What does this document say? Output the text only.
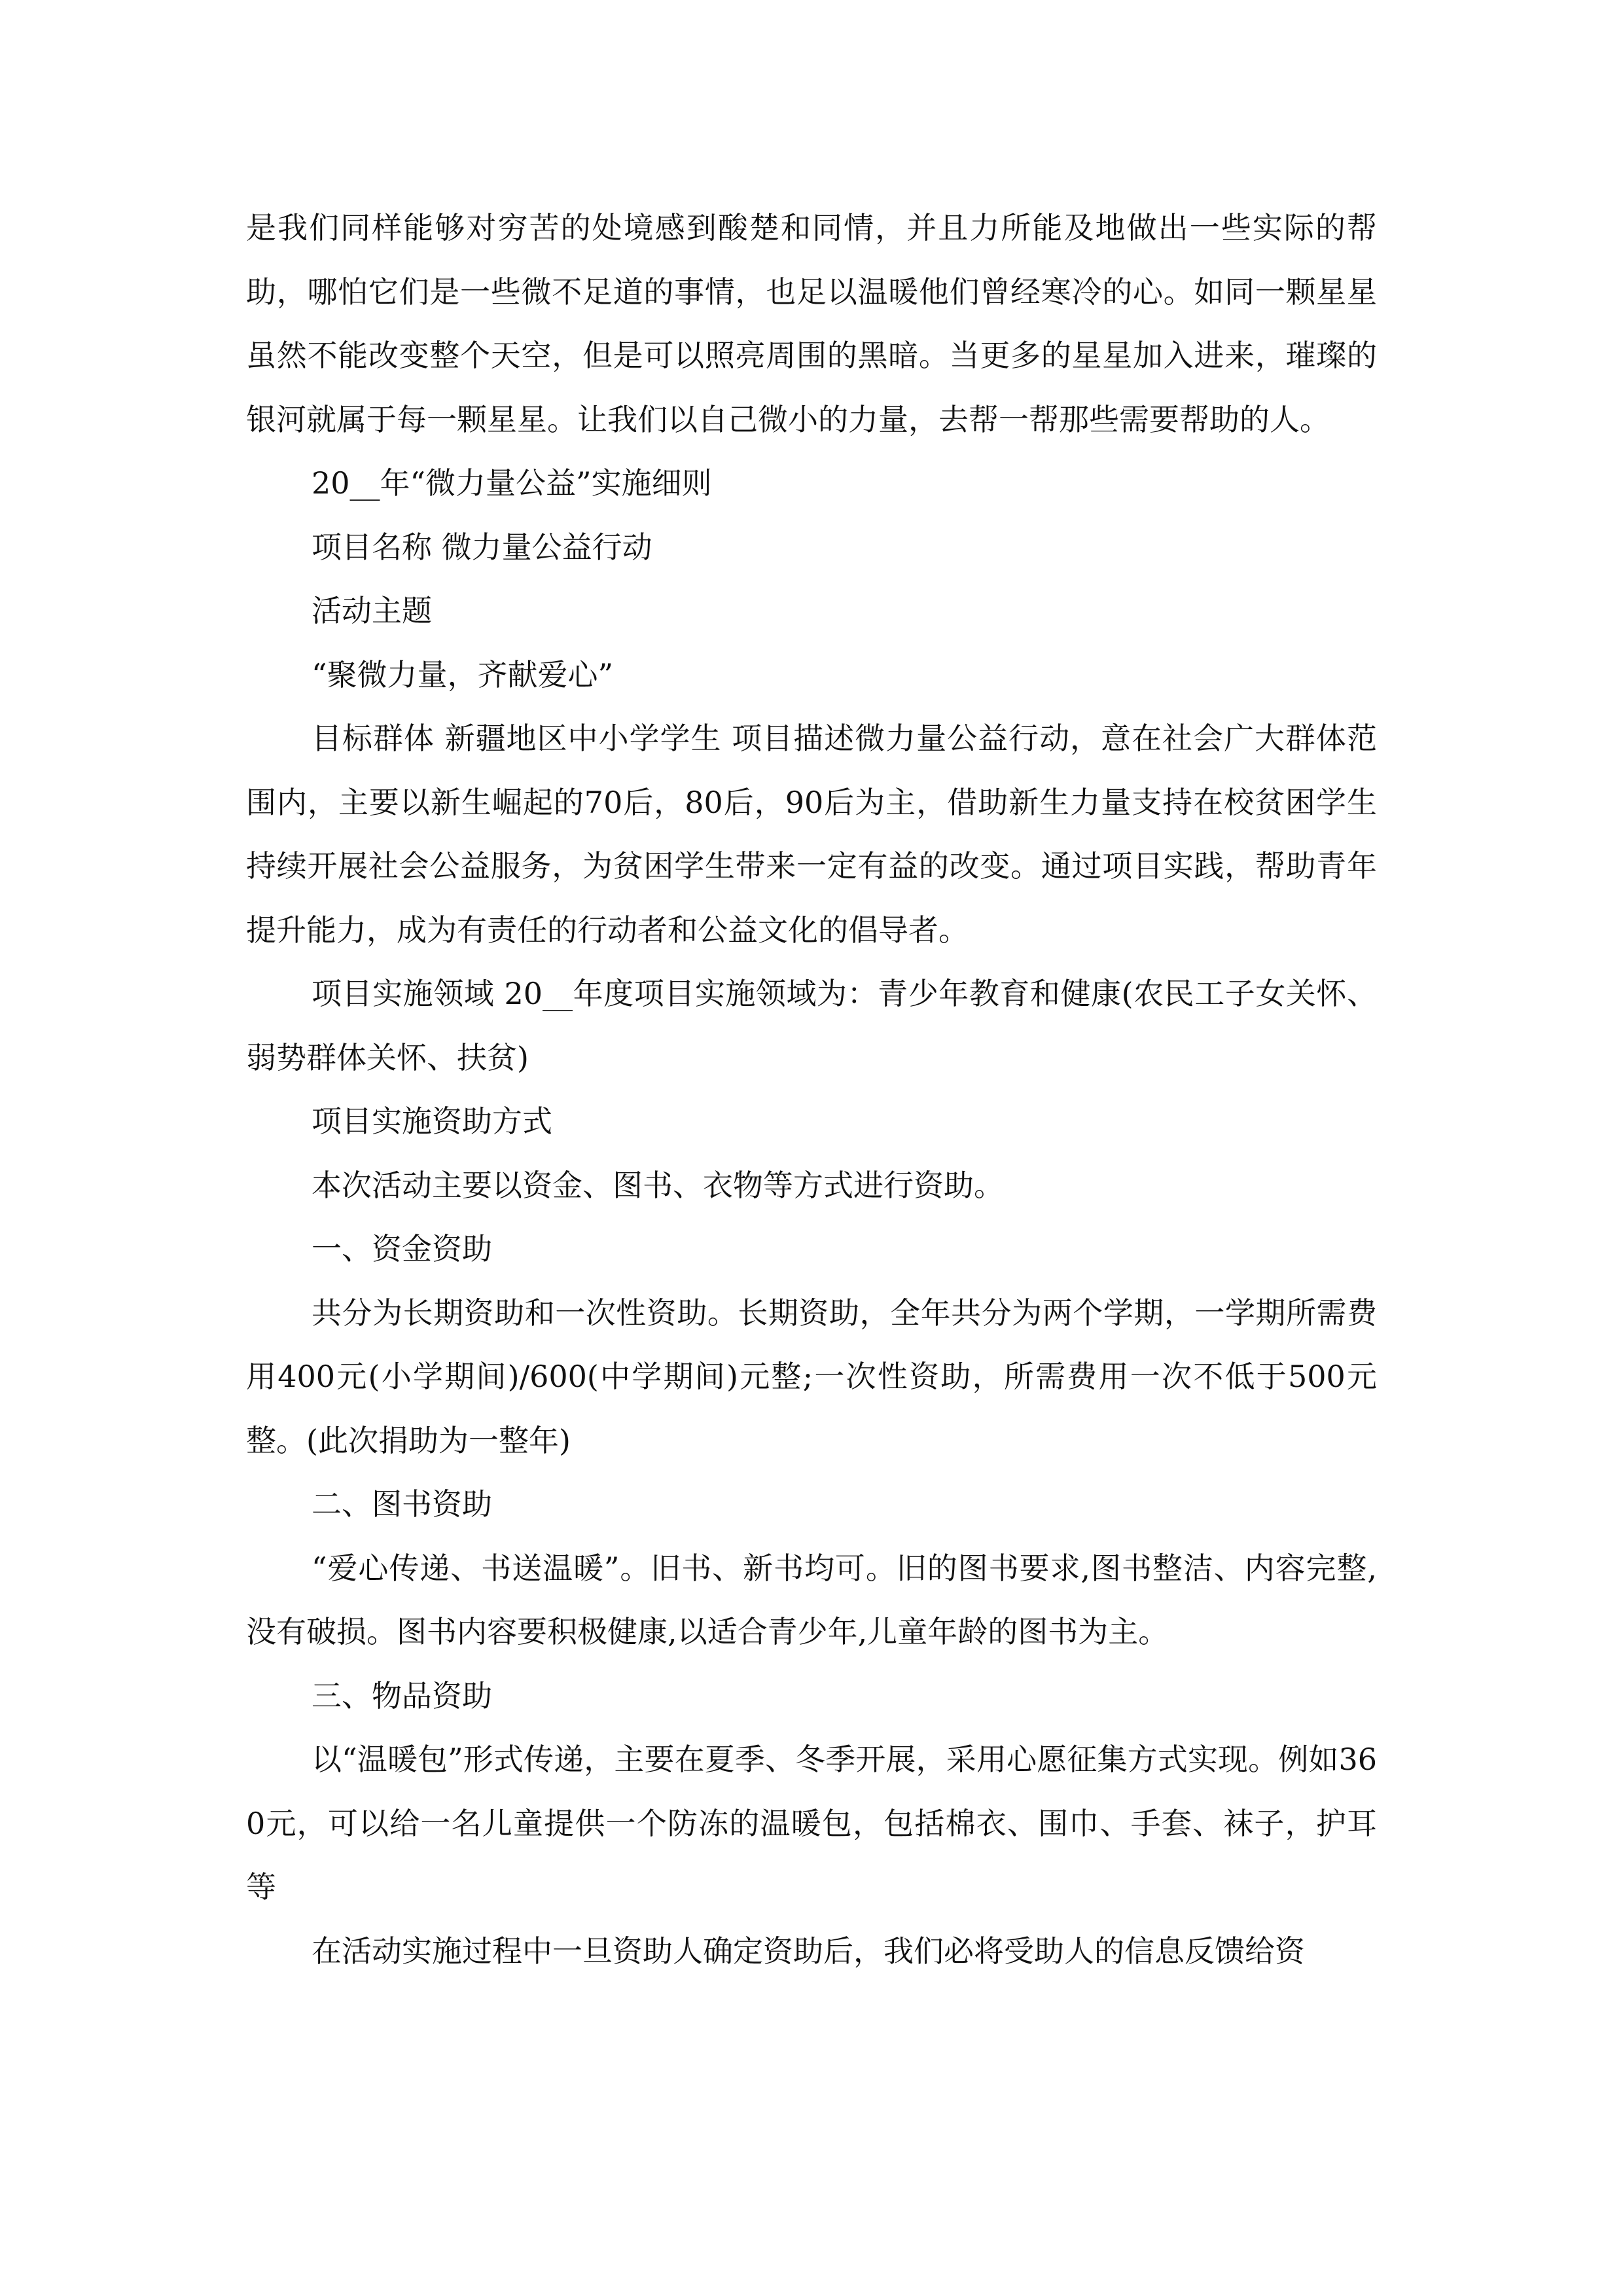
是我们同样能够对穷苦的处境感到酸楚和同情，并且力所能及地做出一些实际的帮助，哪怕它们是一些微不足道的事情，也足以温暖他们曾经寒冷的心。如同一颗星星虽然不能改变整个天空，但是可以照亮周围的黑暗。当更多的星星加入进来，璀璨的银河就属于每一颗星星。让我们以自己微小的力量，去帮一帮那些需要帮助的人。

20__年“微力量公益”实施细则

项目名称 微力量公益行动

活动主题

“聚微力量，齐献爱心”

目标群体 新疆地区中小学学生 项目描述微力量公益行动，意在社会广大群体范围内，主要以新生崛起的70后，80后，90后为主，借助新生力量支持在校贫困学生持续开展社会公益服务，为贫困学生带来一定有益的改变。通过项目实践，帮助青年提升能力，成为有责任的行动者和公益文化的倡导者。

项目实施领域 20__年度项目实施领域为：青少年教育和健康(农民工子女关怀、弱势群体关怀、扶贫)

项目实施资助方式

本次活动主要以资金、图书、衣物等方式进行资助。

一、资金资助

共分为长期资助和一次性资助。长期资助，全年共分为两个学期，一学期所需费用400元(小学期间)/600(中学期间)元整;一次性资助，所需费用一次不低于500元整。(此次捐助为一整年)

二、图书资助

“爱心传递、书送温暖”。旧书、新书均可。旧的图书要求,图书整洁、内容完整,没有破损。图书内容要积极健康,以适合青少年,儿童年龄的图书为主。

三、物品资助

以“温暖包”形式传递，主要在夏季、冬季开展，采用心愿征集方式实现。例如360元，可以给一名儿童提供一个防冻的温暖包，包括棉衣、围巾、手套、袜子，护耳等

在活动实施过程中一旦资助人确定资助后，我们必将受助人的信息反馈给资
